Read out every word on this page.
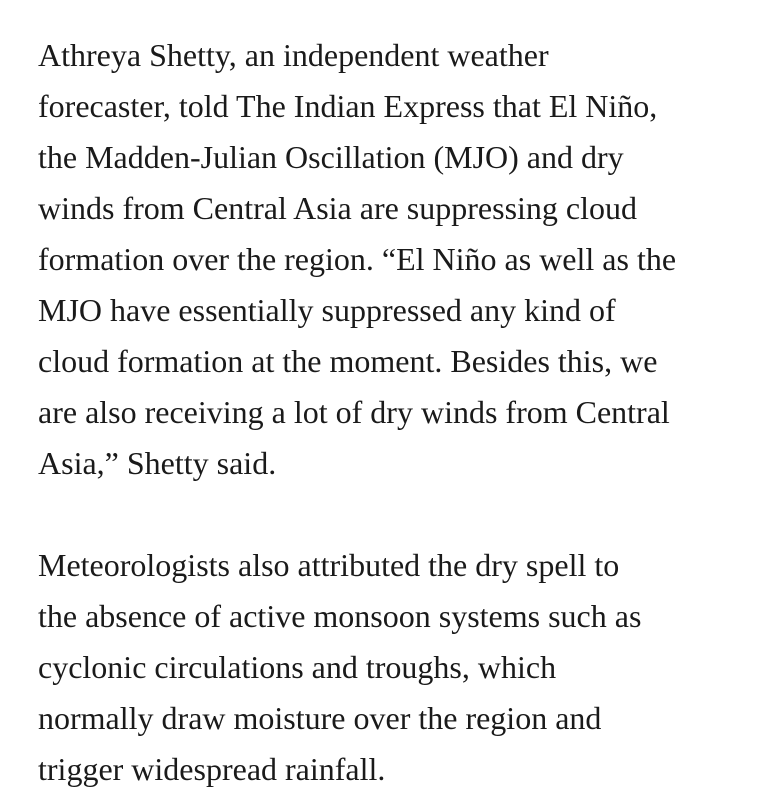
Athreya Shetty, an independent weather
forecaster, told The Indian Express that El Niño,
the Madden-Julian Oscillation (MJO) and dry
winds from Central Asia are suppressing cloud
formation over the region. “El Niño as well as the
MJO have essentially suppressed any kind of
cloud formation at the moment. Besides this, we
are also receiving a lot of dry winds from Central
Asia,” Shetty said.
Meteorologists also attributed the dry spell to
the absence of active monsoon systems such as
cyclonic circulations and troughs, which
normally draw moisture over the region and
trigger widespread rainfall.
